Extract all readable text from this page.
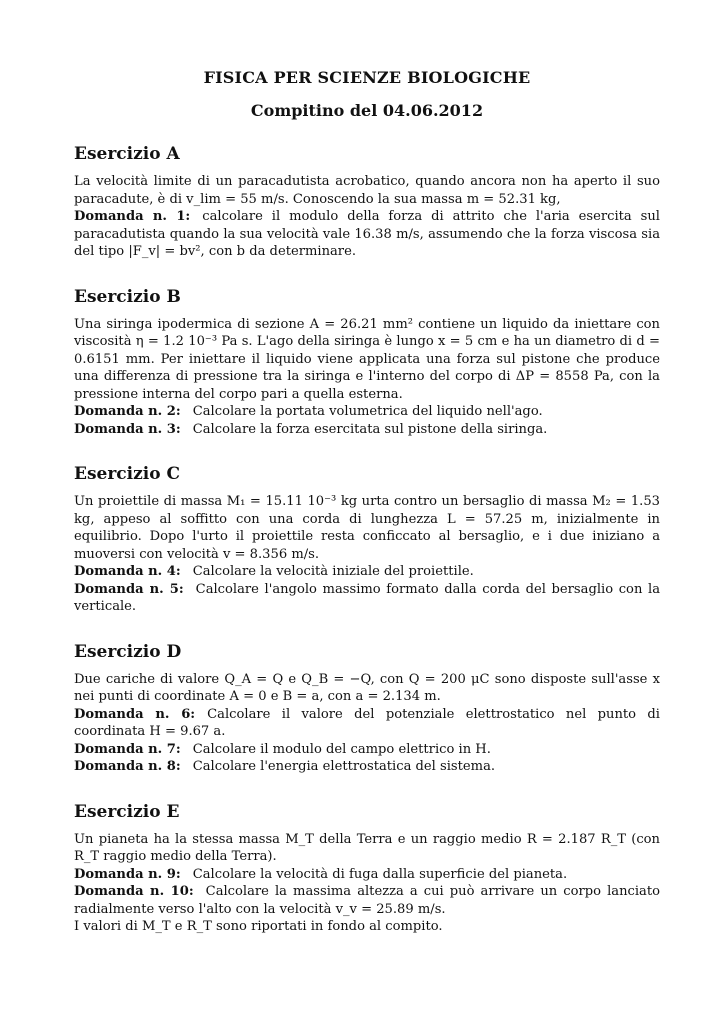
FISICA PER SCIENZE BIOLOGICHE

Compitino del 04.06.2012

Esercizio A

La velocità limite di un paracadutista acrobatico, quando ancora non ha aperto il suo paracadute, è di v_lim = 55 m/s. Conoscendo la sua massa m = 52.31 kg,

Domanda n. 1: calcolare il modulo della forza di attrito che l'aria esercita sul paracadutista quando la sua velocità vale 16.38 m/s, assumendo che la forza viscosa sia del tipo |F_v| = bv², con b da determinare.

Esercizio B

Una siringa ipodermica di sezione A = 26.21 mm² contiene un liquido da iniettare con viscosità η = 1.2 10⁻³ Pa s. L'ago della siringa è lungo x = 5 cm e ha un diametro di d = 0.6151 mm. Per iniettare il liquido viene applicata una forza sul pistone che produce una differenza di pressione tra la siringa e l'interno del corpo di ΔP = 8558 Pa, con la pressione interna del corpo pari a quella esterna.

Domanda n. 2: Calcolare la portata volumetrica del liquido nell'ago.

Domanda n. 3: Calcolare la forza esercitata sul pistone della siringa.

Esercizio C

Un proiettile di massa M₁ = 15.11 10⁻³ kg urta contro un bersaglio di massa M₂ = 1.53 kg, appeso al soffitto con una corda di lunghezza L = 57.25 m, inizialmente in equilibrio. Dopo l'urto il proiettile resta conficcato al bersaglio, e i due iniziano a muoversi con velocità v = 8.356 m/s.

Domanda n. 4: Calcolare la velocità iniziale del proiettile.

Domanda n. 5: Calcolare l'angolo massimo formato dalla corda del bersaglio con la verticale.

Esercizio D

Due cariche di valore Q_A = Q e Q_B = −Q, con Q = 200 μC sono disposte sull'asse x nei punti di coordinate A = 0 e B = a, con a = 2.134 m.

Domanda n. 6: Calcolare il valore del potenziale elettrostatico nel punto di coordinata H = 9.67 a.

Domanda n. 7: Calcolare il modulo del campo elettrico in H.

Domanda n. 8: Calcolare l'energia elettrostatica del sistema.

Esercizio E

Un pianeta ha la stessa massa M_T della Terra e un raggio medio R = 2.187 R_T (con R_T raggio medio della Terra).

Domanda n. 9: Calcolare la velocità di fuga dalla superficie del pianeta.

Domanda n. 10: Calcolare la massima altezza a cui può arrivare un corpo lanciato radialmente verso l'alto con la velocità v_v = 25.89 m/s.

I valori di M_T e R_T sono riportati in fondo al compito.
